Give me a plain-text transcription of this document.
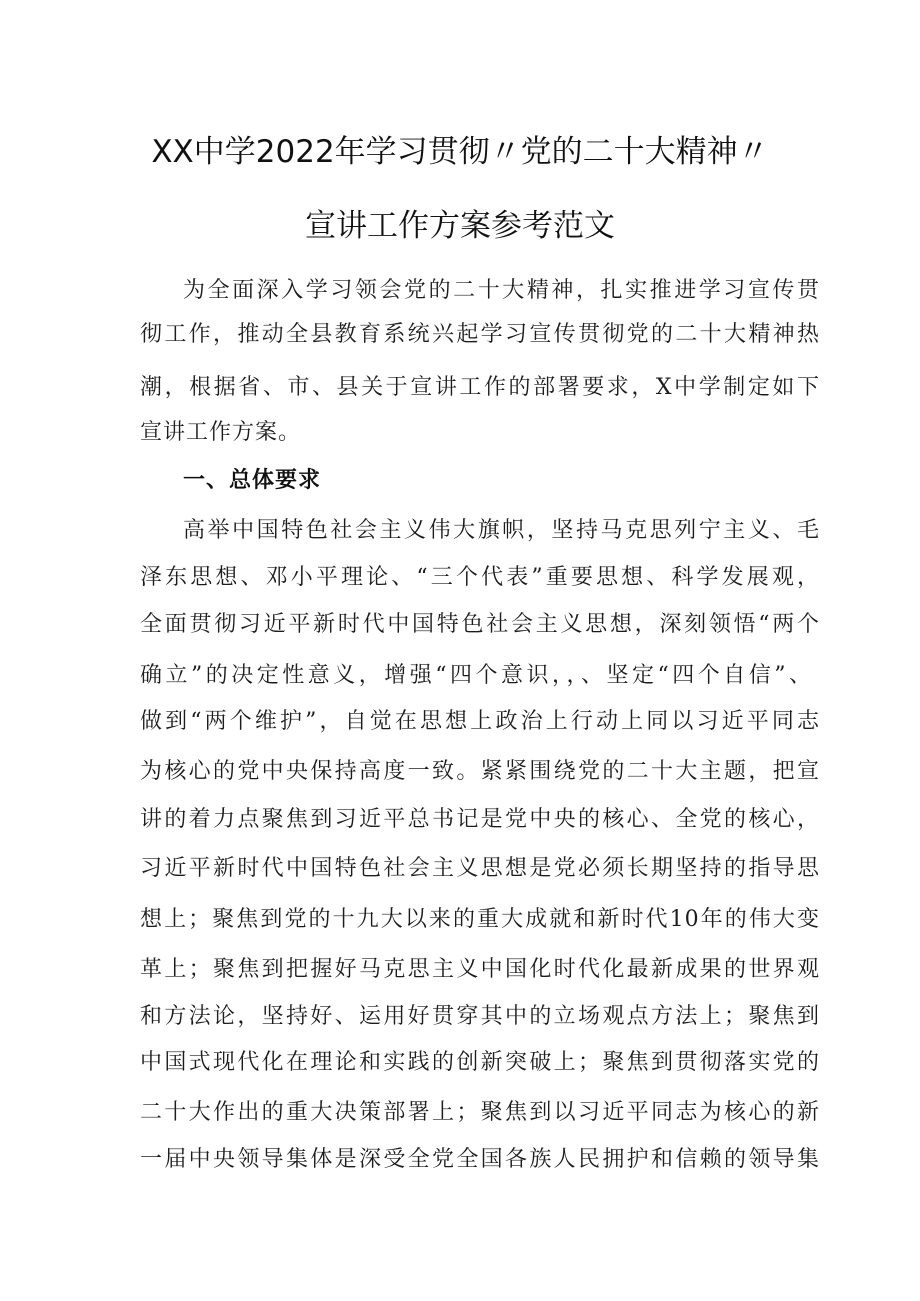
XX中学2022年学习贯彻〃党的二十大精神〃
宣讲工作方案参考范文
为全面深入学习领会党的二十大精神，扎实推进学习宣传贯
彻工作，推动全县教育系统兴起学习宣传贯彻党的二十大精神热
潮，根据省、市、县关于宣讲工作的部署要求，X中学制定如下
宣讲工作方案。
一、总体要求
高举中国特色社会主义伟大旗帜，坚持马克思列宁主义、毛
泽东思想、邓小平理论、“三个代表”重要思想、科学发展观，
全面贯彻习近平新时代中国特色社会主义思想，深刻领悟“两个
确立”的决定性意义，增强“四个意识，，、坚定“四个自信”、
做到“两个维护”，自觉在思想上政治上行动上同以习近平同志
为核心的党中央保持高度一致。紧紧围绕党的二十大主题，把宣
讲的着力点聚焦到习近平总书记是党中央的核心、全党的核心，
习近平新时代中国特色社会主义思想是党必须长期坚持的指导思
想上；聚焦到党的十九大以来的重大成就和新时代10年的伟大变
革上；聚焦到把握好马克思主义中国化时代化最新成果的世界观
和方法论，坚持好、运用好贯穿其中的立场观点方法上；聚焦到
中国式现代化在理论和实践的创新突破上；聚焦到贯彻落实党的
二十大作出的重大决策部署上；聚焦到以习近平同志为核心的新
一届中央领导集体是深受全党全国各族人民拥护和信赖的领导集
